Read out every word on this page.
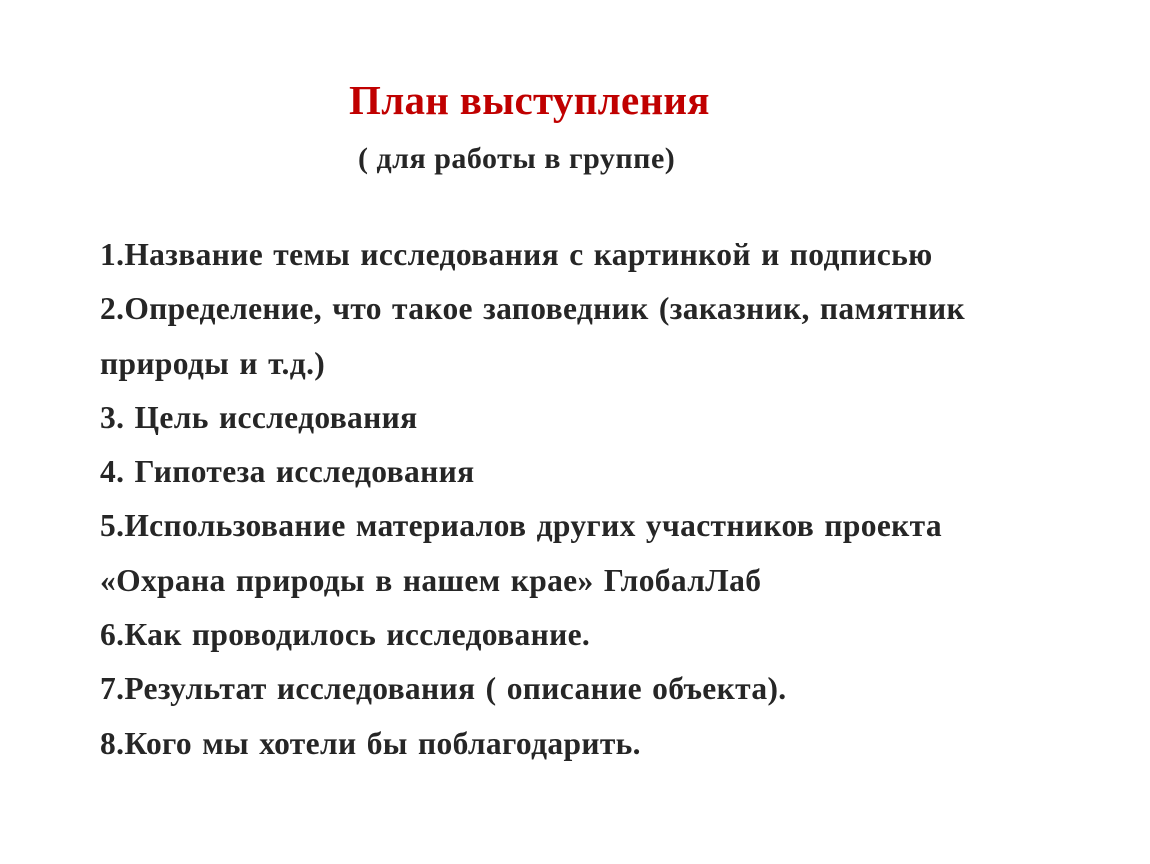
План выступления
( для работы в группе)
1.Название темы исследования с картинкой и подписью
2.Определение, что такое заповедник (заказник, памятник
природы и т.д.)
3. Цель исследования
4. Гипотеза исследования
5.Использование материалов других участников проекта
«Охрана природы в нашем крае» ГлобалЛаб
6.Как проводилось исследование.
7.Результат исследования ( описание объекта).
8.Кого мы хотели бы поблагодарить.
